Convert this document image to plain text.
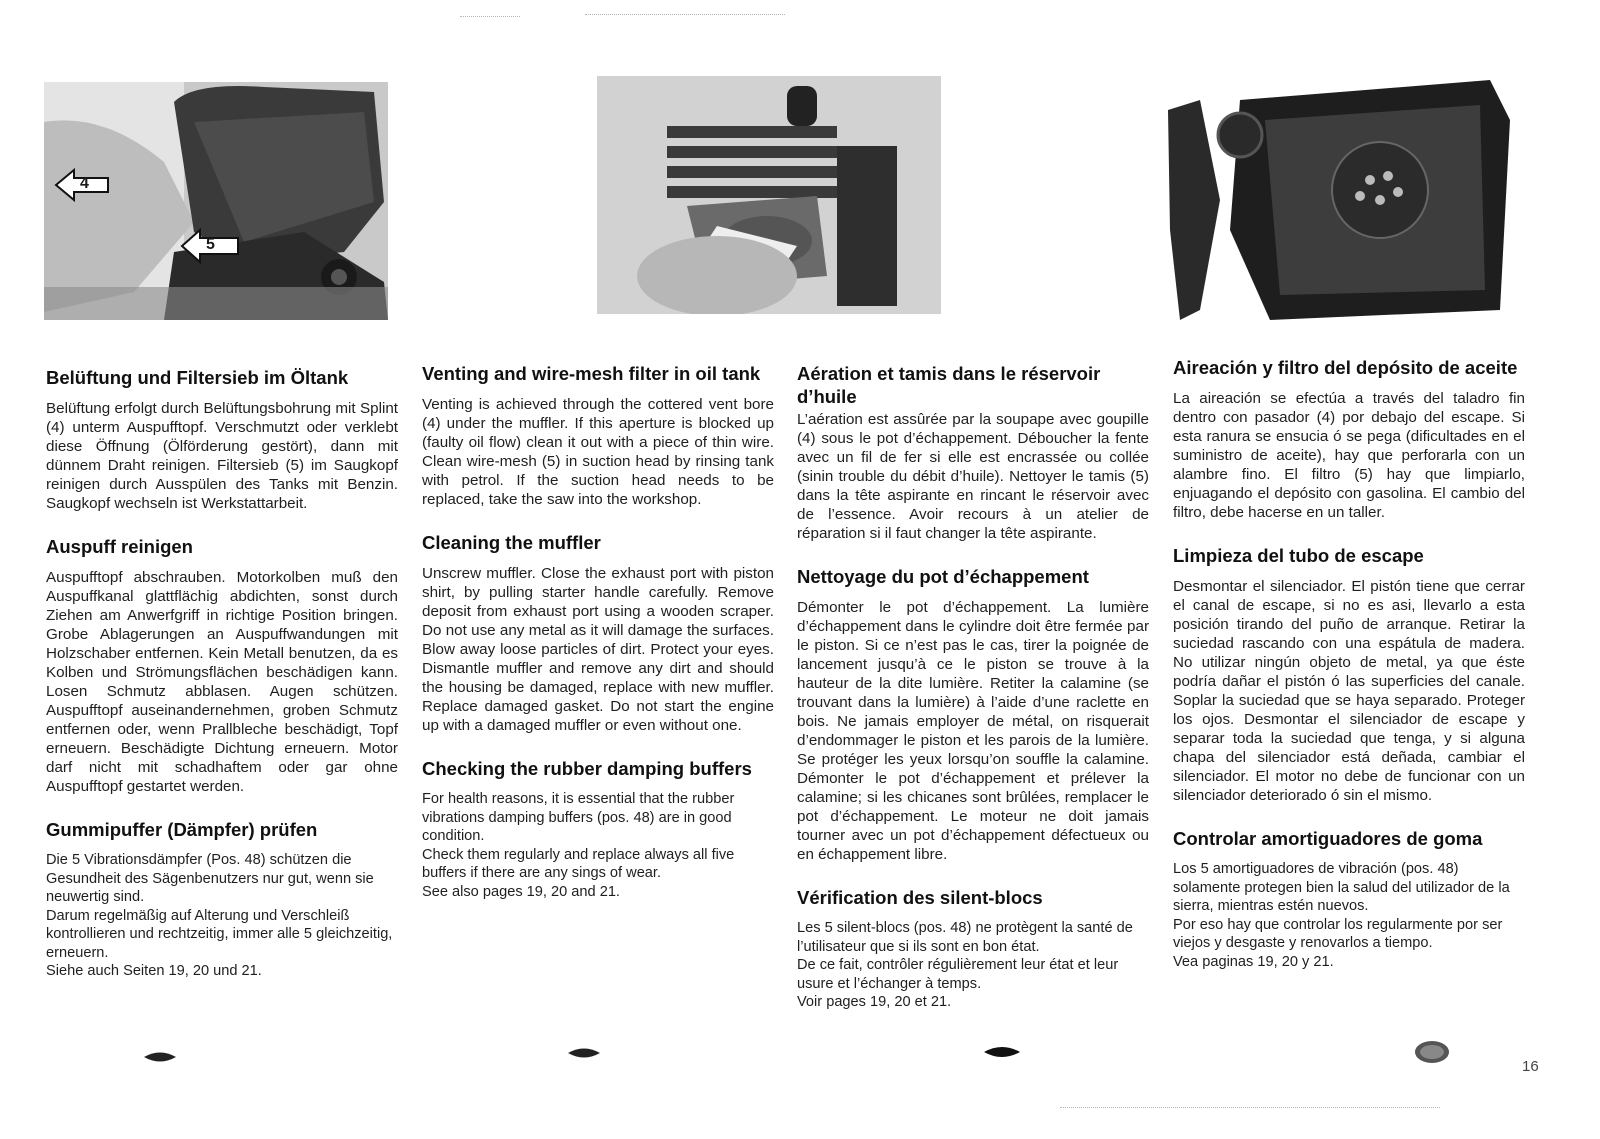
4
5
Belüftung und Filtersieb im Öltank

Belüftung erfolgt durch Belüftungsbohrung mit Splint (4) unterm Auspufftopf. Verschmutzt oder verklebt diese Öffnung (Ölförderung gestört), dann mit dünnem Draht reinigen. Filtersieb (5) im Saugkopf reinigen durch Ausspülen des Tanks mit Benzin. Saugkopf wechseln ist Werkstattarbeit.

Auspuff reinigen

Auspufftopf abschrauben. Motorkolben muß den Auspuffkanal glattflächig abdichten, sonst durch Ziehen am Anwerfgriff in richtige Position bringen. Grobe Ablagerungen an Auspuffwandungen mit Holzschaber entfernen. Kein Metall benutzen, da es Kolben und Strömungsflächen beschädigen kann. Losen Schmutz abblasen. Augen schützen. Auspufftopf auseinandernehmen, groben Schmutz entfernen oder, wenn Prallbleche beschädigt, Topf erneuern. Beschädigte Dichtung erneuern. Motor darf nicht mit schadhaftem oder gar ohne Auspufftopf gestartet werden.

Gummipuffer (Dämpfer) prüfen

Die 5 Vibrationsdämpfer (Pos. 48) schützen die Gesundheit des Sägenbenutzers nur gut, wenn sie neuwertig sind.
Darum regelmäßig auf Alterung und Verschleiß kontrollieren und rechtzeitig, immer alle 5 gleichzeitig, erneuern.
Siehe auch Seiten 19, 20 und 21.

Venting and wire-mesh filter in oil tank

Venting is achieved through the cottered vent bore (4) under the muffler. If this aperture is blocked up (faulty oil flow) clean it out with a piece of thin wire. Clean wire-mesh (5) in suction head by rinsing tank with petrol. If the suction head needs to be replaced, take the saw into the workshop.

Cleaning the muffler

Unscrew muffler. Close the exhaust port with piston shirt, by pulling starter handle carefully. Remove deposit from exhaust port using a wooden scraper. Do not use any metal as it will damage the surfaces. Blow away loose particles of dirt. Protect your eyes. Dismantle muffler and remove any dirt and should the housing be damaged, replace with new muffler. Replace damaged gasket. Do not start the engine up with a damaged muffler or even without one.

Checking the rubber damping buffers

For health reasons, it is essential that the rubber vibrations damping buffers (pos. 48) are in good condition.
Check them regularly and replace always all five buffers if there are any sings of wear.
See also pages 19, 20 and 21.

Aération et tamis dans le réservoir d’huile

L’aération est assûrée par la soupape avec goupille (4) sous le pot d’échappement. Déboucher la fente avec un fil de fer si elle est encrassée ou collée (sinin trouble du débit d’huile). Nettoyer le tamis (5) dans la tête aspirante en rincant le réservoir avec de l’essence. Avoir recours à un atelier de réparation si il faut changer la tête aspirante.

Nettoyage du pot d’échappement

Démonter le pot d’échappement. La lumière d’échappement dans le cylindre doit être fermée par le piston. Si ce n’est pas le cas, tirer la poignée de lancement jusqu’à ce le piston se trouve à la hauteur de la dite lumière. Retiter la calamine (se trouvant dans la lumière) à l’aide d’une raclette en bois. Ne jamais employer de métal, on risquerait d’endommager le piston et les parois de la lumière. Se protéger les yeux lorsqu’on souffle la calamine. Démonter le pot d’échappement et prélever la calamine; si les chicanes sont brûlées, remplacer le pot d’échappement. Le moteur ne doit jamais tourner avec un pot d’échappement défectueux ou en échappement libre.

Vérification des silent-blocs

Les 5 silent-blocs (pos. 48) ne protègent la santé de l’utilisateur que si ils sont en bon état.
De ce fait, contrôler régulièrement leur état et leur usure et l’échanger à temps.
Voir pages 19, 20 et 21.

Aireación y filtro del depósito de aceite

La aireación se efectúa a través del taladro fin dentro con pasador (4) por debajo del escape. Si esta ranura se ensucia ó se pega (dificultades en el suministro de aceite), hay que perforarla con un alambre fino. El filtro (5) hay que limpiarlo, enjuagando el depósito con gasolina. El cambio del filtro, debe hacerse en un taller.

Limpieza del tubo de escape

Desmontar el silenciador. El pistón tiene que cerrar el canal de escape, si no es asi, llevarlo a esta posición tirando del puño de arranque. Retirar la suciedad rascando con una espátula de madera. No utilizar ningún objeto de metal, ya que éste podría dañar el pistón ó las superficies del canale. Soplar la suciedad que se haya separado. Proteger los ojos. Desmontar el silenciador de escape y separar toda la suciedad que tenga, y si alguna chapa del silenciador está deñada, cambiar el silenciador. El motor no debe de funcionar con un silenciador deteriorado ó sin el mismo.

Controlar amortiguadores de goma

Los 5 amortiguadores de vibración (pos. 48) solamente protegen bien la salud del utilizador de la sierra, mientras estén nuevos.
Por eso hay que controlar los regularmente por ser viejos y desgaste y renovarlos a tiempo.
Vea paginas 19, 20 y 21.

16
